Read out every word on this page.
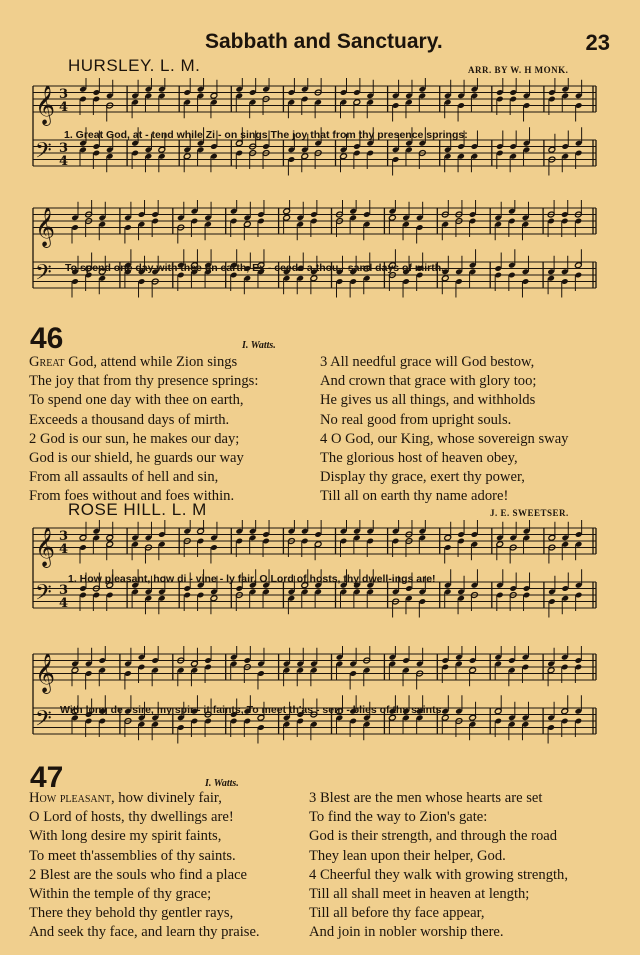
Sabbath and Sanctuary.	23
HURSLEY. L. M.	ARR. BY W. H MONK.
𝄞
𝄢
3
4
3
4
1. Great God, at - tend while Zi - on sings The joy that from thy presence springs:
𝄞
𝄢 To spend one day with thee on earth, Ex - ceeds a thou - sand days of mirth.
46	I. Watts.
Great God, attend while Zion sings
The joy that from thy presence springs:
To spend one day with thee on earth,
Exceeds a thousand days of mirth.
2 God is our sun, he makes our day;
God is our shield, he guards our way
From all assaults of hell and sin,
From foes without and foes within.
3 All needful grace will God bestow,
And crown that grace with glory too;
He gives us all things, and withholds
No real good from upright souls.
4 O God, our King, whose sovereign sway
The glorious host of heaven obey,
Display thy grace, exert thy power,
Till all on earth thy name adore!
ROSE HILL. L. M	J. E. SWEETSER.
𝄞
𝄢
3
4
3
4
1. How pleasant, how di - vine - ly fair, O Lord of hosts, thy dwell-ings are!
𝄞
𝄢 With long de - sire, my spir - it faints, To meet th'as - sem - blies of thy saints.
47	I. Watts.
How pleasant, how divinely fair,
O Lord of hosts, thy dwellings are!
With long desire my spirit faints,
To meet th'assemblies of thy saints.
2 Blest are the souls who find a place
Within the temple of thy grace;
There they behold thy gentler rays,
And seek thy face, and learn thy praise.
3 Blest are the men whose hearts are set
To find the way to Zion's gate:
God is their strength, and through the road
They lean upon their helper, God.
4 Cheerful they walk with growing strength,
Till all shall meet in heaven at length;
Till all before thy face appear,
And join in nobler worship there.
